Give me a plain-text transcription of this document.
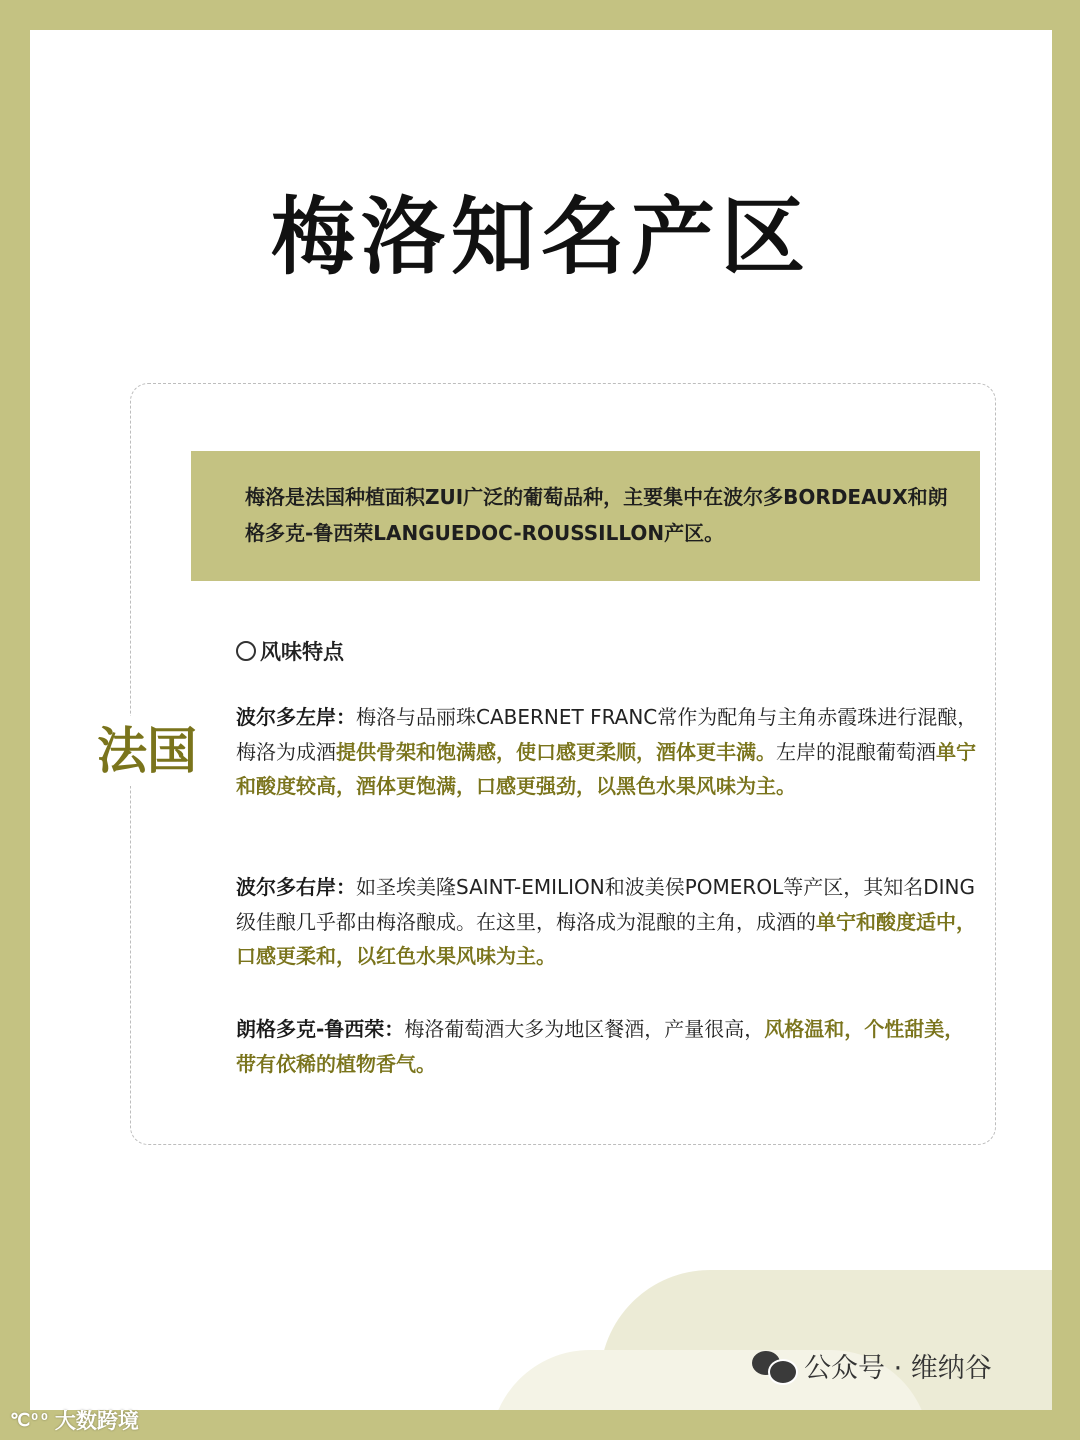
梅洛知名产区
梅洛是法国种植面积ZUI广泛的葡萄品种，主要集中在波尔多BORDEAUX和朗格多克-鲁西荣LANGUEDOC-ROUSSILLON产区。
法国
风味特点

波尔多左岸：梅洛与品丽珠CABERNET FRANC常作为配角与主角赤霞珠进行混酿，梅洛为成酒提供骨架和饱满感，使口感更柔顺，酒体更丰满。左岸的混酿葡萄酒单宁和酸度较高，酒体更饱满，口感更强劲，以黑色水果风味为主。

波尔多右岸：如圣埃美隆SAINT-EMILION和波美侯POMEROL等产区，其知名DING级佳酿几乎都由梅洛酿成。在这里，梅洛成为混酿的主角，成酒的单宁和酸度适中，口感更柔和，以红色水果风味为主。

朗格多克-鲁西荣：梅洛葡萄酒大多为地区餐酒，产量很高，风格温和，个性甜美，带有依稀的植物香气。

公众号 · 维纳谷
℃ᴼᴼ 大数跨境
